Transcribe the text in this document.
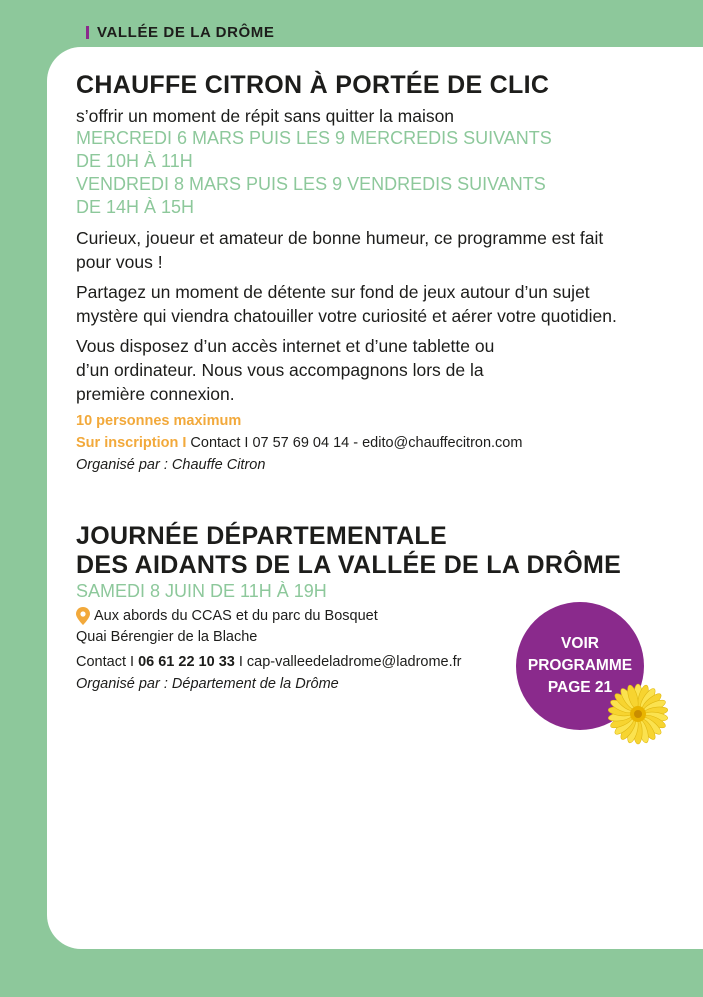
VALLÉE DE LA DRÔME
CHAUFFE CITRON À PORTÉE DE CLIC
s’offrir un moment de répit sans quitter la maison
MERCREDI 6 MARS PUIS LES 9 MERCREDIS SUIVANTS
DE 10H À 11H
VENDREDI 8 MARS PUIS LES 9 VENDREDIS SUIVANTS
DE 14H À 15H
Curieux, joueur et amateur de bonne humeur, ce programme est fait pour vous !
Partagez un moment de détente sur fond de jeux autour d’un sujet mystère qui viendra chatouiller votre curiosité et aérer votre quotidien.
Vous disposez d’un accès internet et d’une tablette ou d’un ordinateur. Nous vous accompagnons lors de la première connexion.
10 personnes maximum
Sur inscription I Contact I 07 57 69 04 14 - edito@chauffecitron.com
Organisé par : Chauffe Citron
JOURNÉE DÉPARTEMENTALE
DES AIDANTS DE LA VALLÉE DE LA DRÔME
SAMEDI 8 JUIN DE 11H À 19H
Aux abords du CCAS et du parc du Bosquet
Quai Bérengier de la Blache
Contact I 06 61 22 10 33 I cap-valleedeladrome@ladrome.fr
Organisé par : Département de la Drôme
VOIR
PROGRAMME
PAGE 21
